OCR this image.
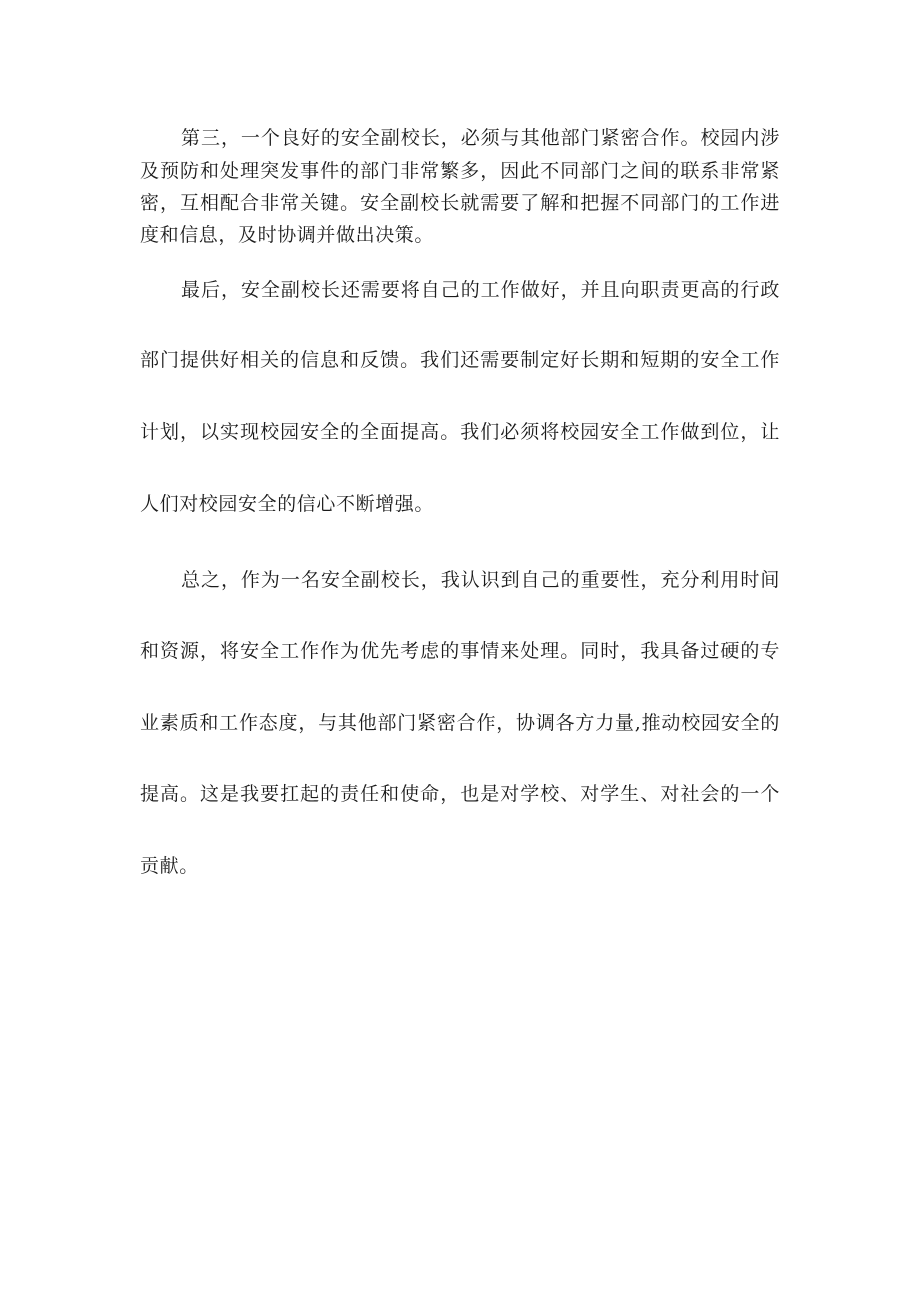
第三，一个良好的安全副校长，必须与其他部门紧密合作。校园内涉
及预防和处理突发事件的部门非常繁多，因此不同部门之间的联系非常紧
密，互相配合非常关键。安全副校长就需要了解和把握不同部门的工作进
度和信息，及时协调并做出决策。
最后，安全副校长还需要将自己的工作做好，并且向职责更高的行政
部门提供好相关的信息和反馈。我们还需要制定好长期和短期的安全工作
计划，以实现校园安全的全面提高。我们必须将校园安全工作做到位，让
人们对校园安全的信心不断增强。
总之，作为一名安全副校长，我认识到自己的重要性，充分利用时间
和资源，将安全工作作为优先考虑的事情来处理。同时，我具备过硬的专
业素质和工作态度，与其他部门紧密合作，协调各方力量,推动校园安全的
提高。这是我要扛起的责任和使命，也是对学校、对学生、对社会的一个
贡献。
